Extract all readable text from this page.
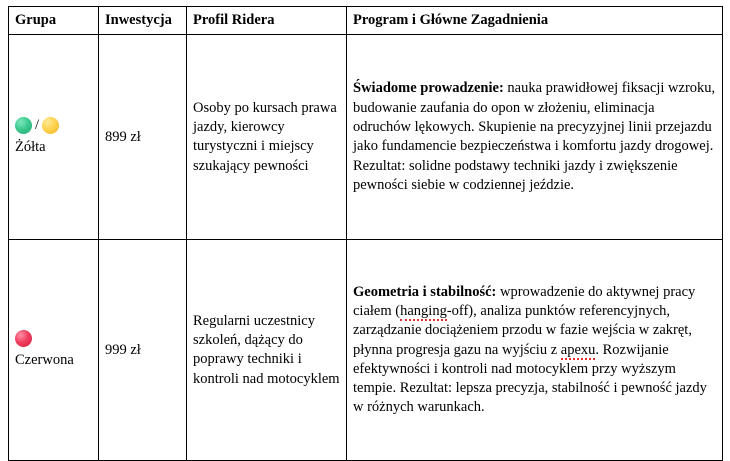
Grupa	Inwestycja	Profil Ridera	Program i Główne Zagadnienia

/
Żółta	899 zł	Osoby po kursach prawa jazdy, kierowcy turystyczni i miejscy szukający pewności	Świadome prowadzenie: nauka prawidłowej fiksacji wzroku, budowanie zaufania do opon w złożeniu, eliminacja odruchów lękowych. Skupienie na precyzyjnej linii przejazdu jako fundamencie bezpieczeństwa i komfortu jazdy drogowej. Rezultat: solidne podstawy techniki jazdy i zwiększenie pewności siebie w codziennej jeździe.

Czerwona	999 zł	Regularni uczestnicy szkoleń, dążący do poprawy techniki i kontroli nad motocyklem	Geometria i stabilność: wprowadzenie do aktywnej pracy ciałem (hanging-off), analiza punktów referencyjnych, zarządzanie dociążeniem przodu w fazie wejścia w zakręt, płynna progresja gazu na wyjściu z apexu. Rozwijanie efektywności i kontroli nad motocyklem przy wyższym tempie. Rezultat: lepsza precyzja, stabilność i pewność jazdy w różnych warunkach.
